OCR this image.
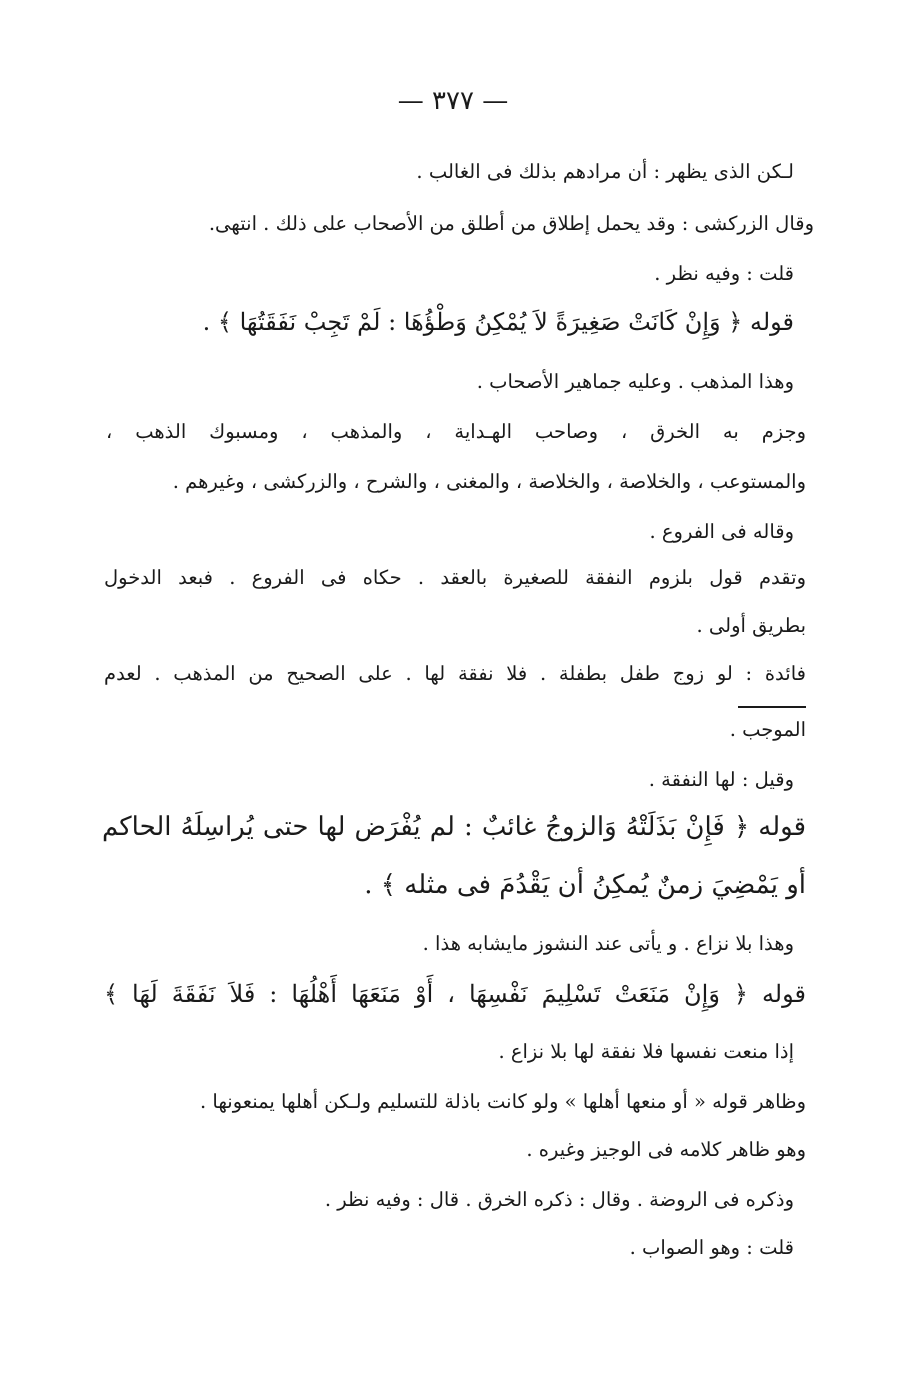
— ٣٧٧ —
لـكن الذى يظهر : أن مرادهم بذلك فى الغالب .
وقال الزركشى : وقد يحمل إطلاق من أطلق من الأصحاب على ذلك . انتهى.
قلت : وفيه نظر .
قوله ﴿ وَإِنْ كَانَتْ صَغِيرَةً لاَ يُمْكِنُ وَطْؤُهَا : لَمْ تَجِبْ نَفَقَتُهَا ﴾ .
وهذا المذهب . وعليه جماهير الأصحاب .
وجزم به الخرق ، وصاحب الهـداية ، والمذهب ، ومسبوك الذهب ،
والمستوعب ، والخلاصة ، والخلاصة ، والمغنى ، والشرح ، والزركشى ، وغيرهم .
وقاله فى الفروع .
وتقدم قول بلزوم النفقة للصغيرة بالعقد . حكاه فى الفروع . فبعد الدخول
بطريق أولى .
فائدة : لو زوج طفل بطفلة . فلا نفقة لها . على الصحيح من المذهب . لعدم
الموجب .
وقيل : لها النفقة .
قوله ﴿ فَإِنْ بَذَلَتْهُ وَالزوجُ غائبٌ : لم يُفْرَض لها حتى يُراسِلَهُ الحاكم
أو يَمْضِيَ زمنٌ يُمكِنُ أن يَقْدُمَ فى مثله ﴾ .
وهذا بلا نزاع . و يأتى عند النشوز مايشابه هذا .
قوله ﴿ وَإِنْ مَنَعَتْ تَسْلِيمَ نَفْسِهَا ، أَوْ مَنَعَهَا أَهْلُهَا : فَلاَ نَفَقَةَ لَهَا ﴾
إذا منعت نفسها فلا نفقة لها بلا نزاع .
وظاهر قوله « أو منعها أهلها » ولو كانت باذلة للتسليم ولـكن أهلها يمنعونها .
وهو ظاهر كلامه فى الوجيز وغيره .
وذكره فى الروضة . وقال : ذكره الخرق . قال : وفيه نظر .
قلت : وهو الصواب .
